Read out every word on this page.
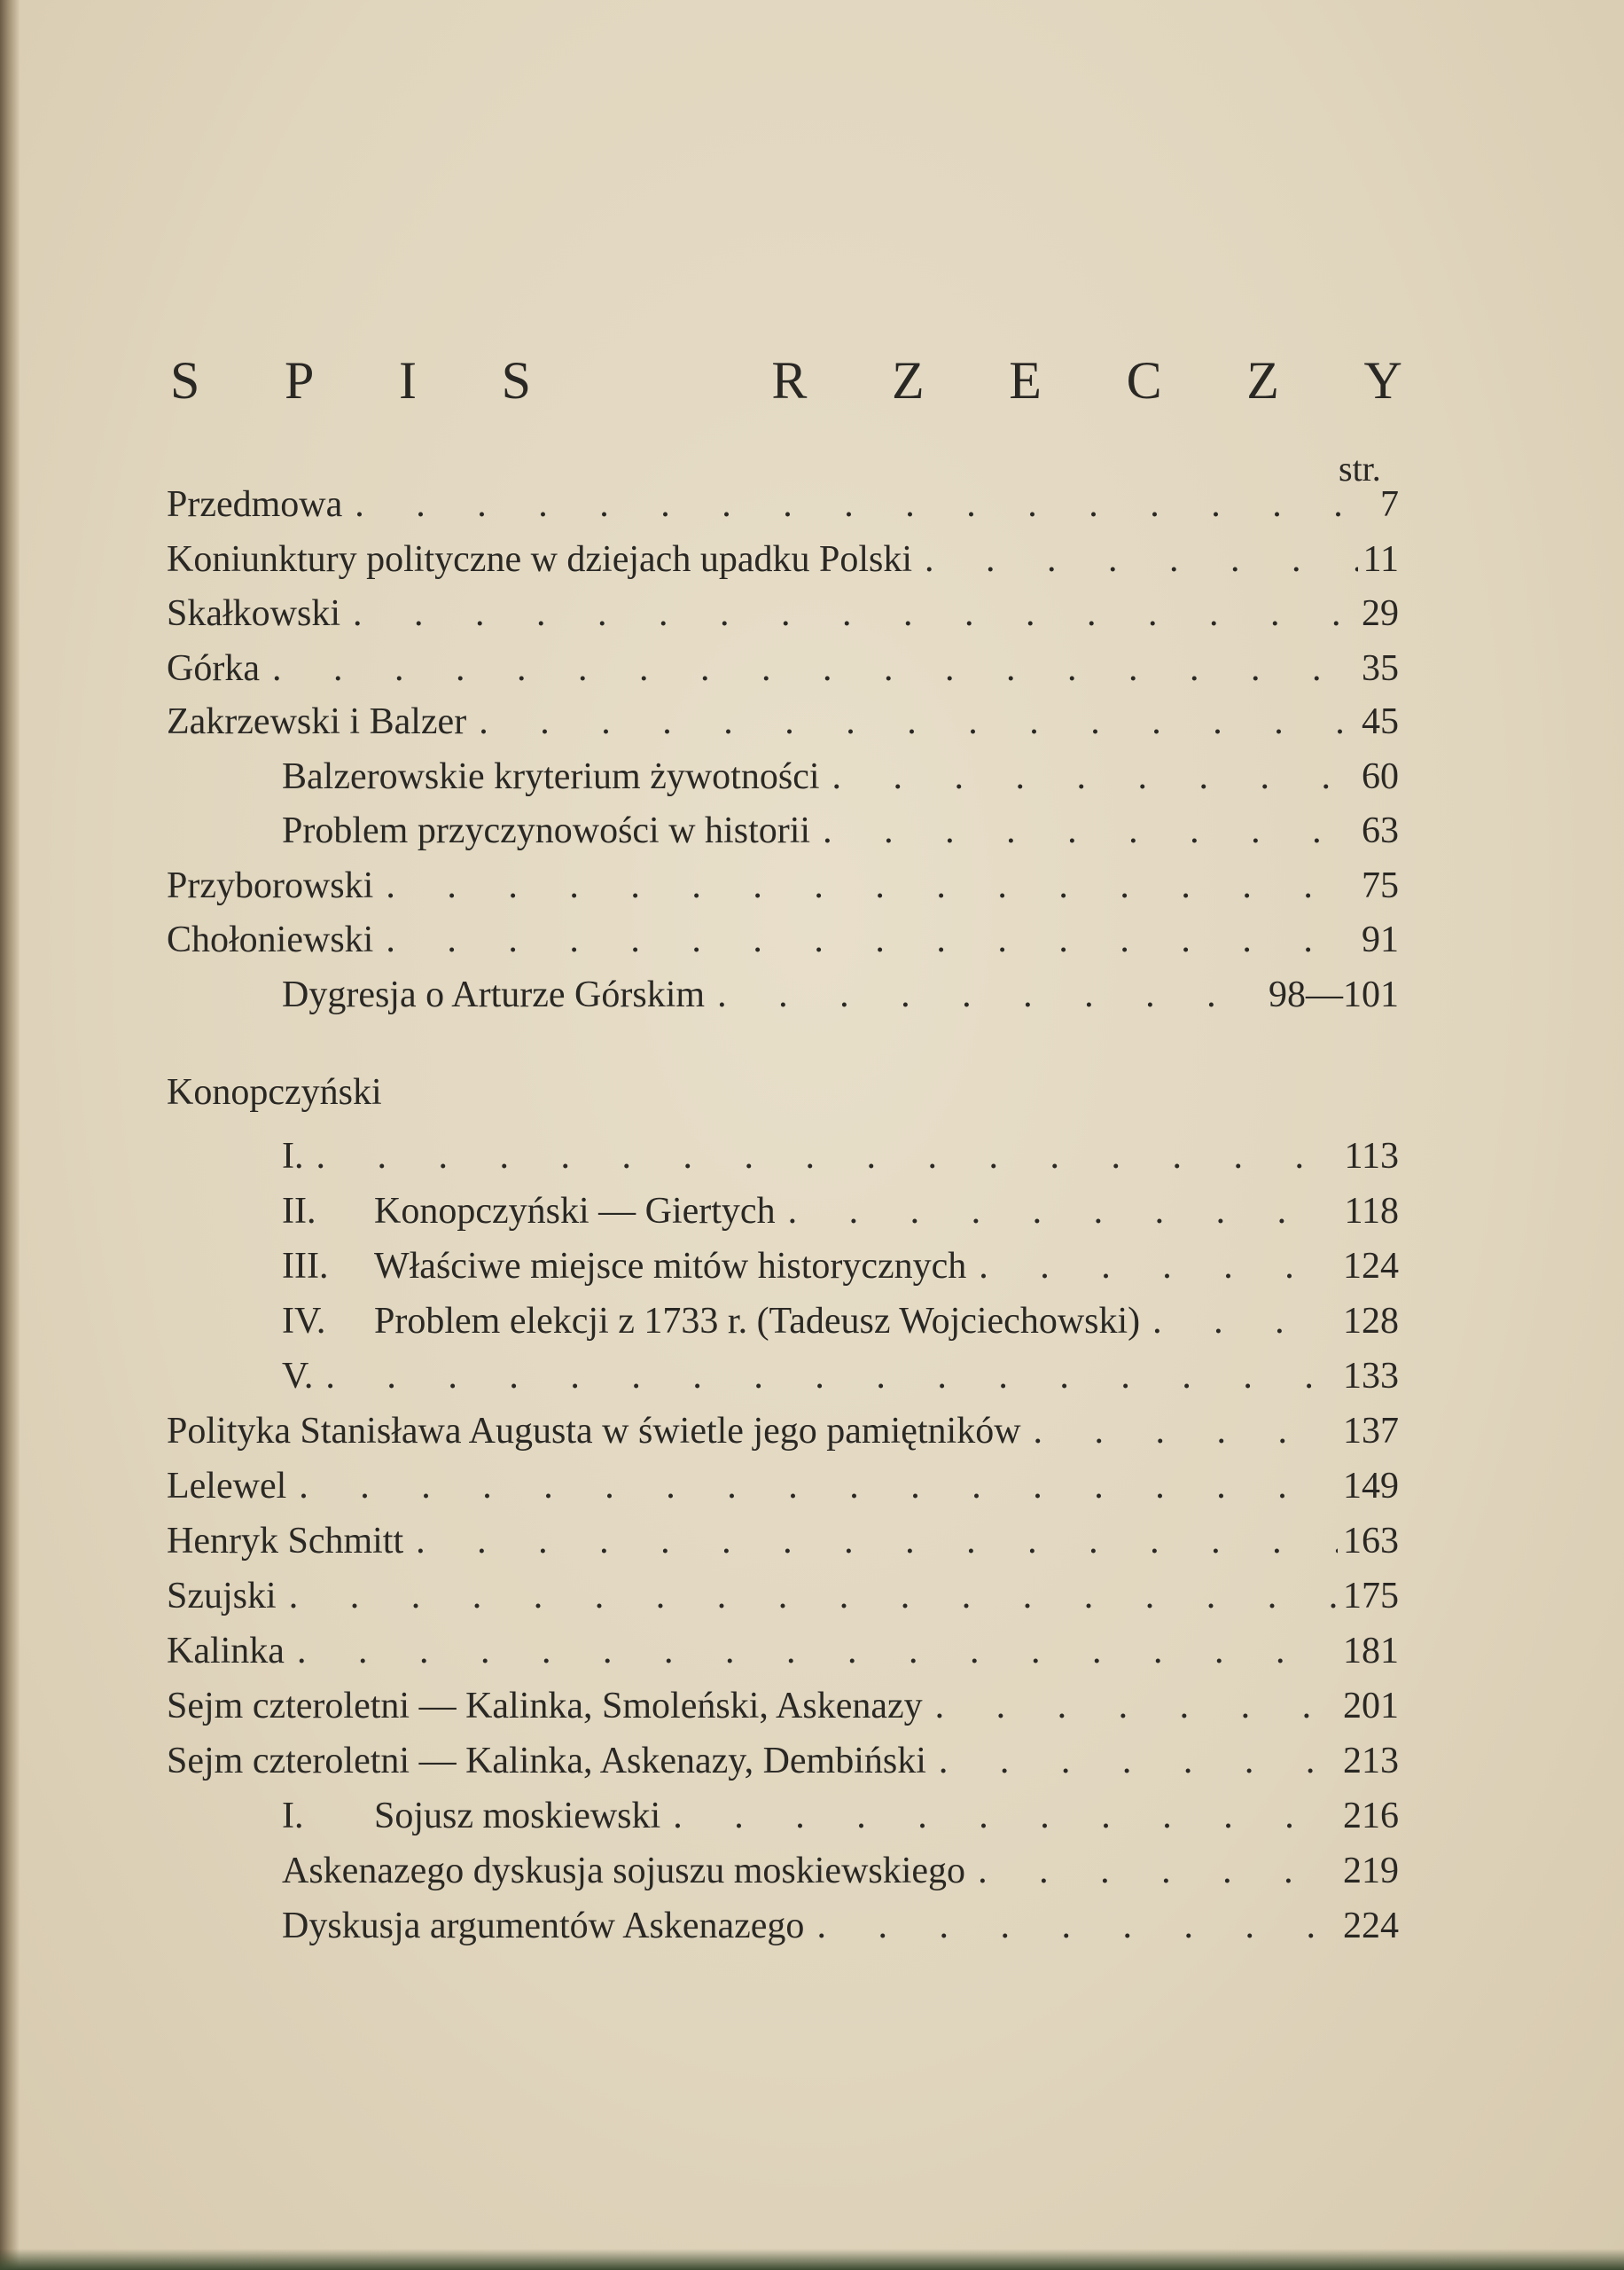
S P I S	R Z E C Z Y
str.
Przedmowa . . .	7
Koniunktury polityczne w dziejach upadku Polski . . .	11
Skałkowski . . .	29
Górka . . .	35
Zakrzewski i Balzer . . .	45
Balzerowskie kryterium żywotności . . .	60
Problem przyczynowości w historii . . .	63
Przyborowski . . .	75
Chołoniewski . . .	91
Dygresja o Arturze Górskim . . .	98—101
Konopczyński
I. . . .	113
II.	Konopczyński — Giertych . . .	118
III.	Właściwe miejsce mitów historycznych . . .	124
IV.	Problem elekcji z 1733 r. (Tadeusz Wojciechowski) . . .	128
V. . . .	133
Polityka Stanisława Augusta w świetle jego pamiętników . . .	137
Lelewel . . .	149
Henryk Schmitt . . .	163
Szujski . . .	175
Kalinka . . .	181
Sejm czteroletni — Kalinka, Smoleński, Askenazy . . .	201
Sejm czteroletni — Kalinka, Askenazy, Dembiński . . .	213
I.	Sojusz moskiewski . . .	216
Askenazego dyskusja sojuszu moskiewskiego . . .	219
Dyskusja argumentów Askenazego . . .	224
